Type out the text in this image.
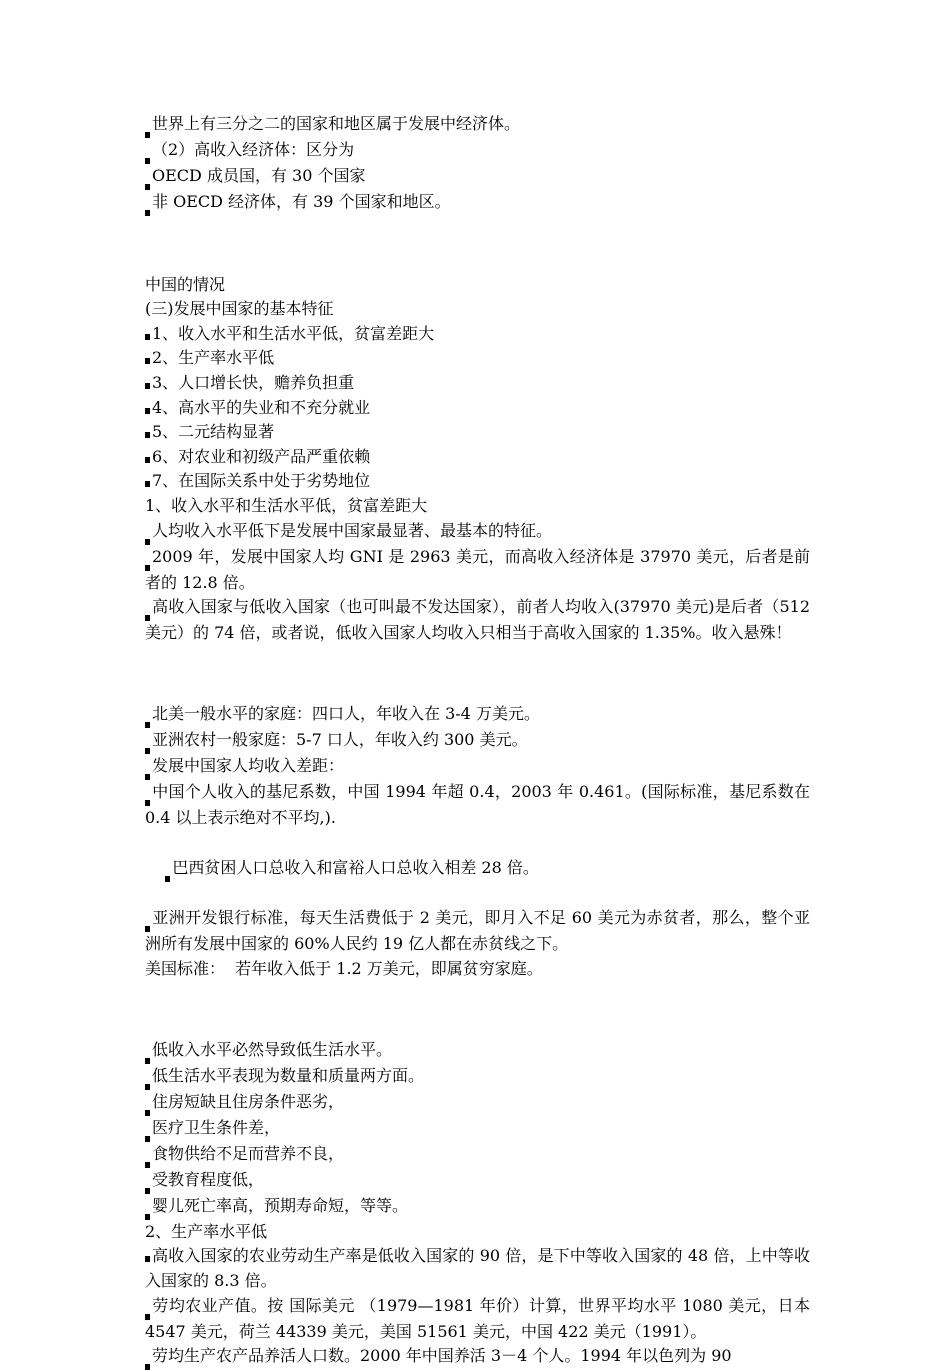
世界上有三分之二的国家和地区属于发展中经济体。

（2）高收入经济体：区分为

OECD 成员国，有 30 个国家

非 OECD 经济体，有 39 个国家和地区。

中国的情况

(三)发展中国家的基本特征

1、收入水平和生活水平低，贫富差距大

2、生产率水平低

3、人口增长快，赡养负担重

4、高水平的失业和不充分就业

5、二元结构显著

6、对农业和初级产品严重依赖

7、在国际关系中处于劣势地位

1、收入水平和生活水平低，贫富差距大

人均收入水平低下是发展中国家最显著、最基本的特征。

2009 年，发展中国家人均 GNI 是 2963 美元，而高收入经济体是 37970 美元，后者是前者的 12.8 倍。

高收入国家与低收入国家（也可叫最不发达国家），前者人均收入(37970 美元)是后者（512 美元）的 74 倍，或者说，低收入国家人均收入只相当于高收入国家的 1.35%。收入悬殊！

北美一般水平的家庭：四口人，年收入在 3-4 万美元。

亚洲农村一般家庭：5-7 口人，年收入约 300 美元。

发展中国家人均收入差距：

中国个人收入的基尼系数，中国 1994 年超 0.4，2003 年 0.461。(国际标准，基尼系数在 0.4 以上表示绝对不平均,).

巴西贫困人口总收入和富裕人口总收入相差 28 倍。

亚洲开发银行标准，每天生活费低于 2 美元，即月入不足 60 美元为赤贫者，那么，整个亚洲所有发展中国家的 60%人民约 19 亿人都在赤贫线之下。

美国标准：  若年收入低于 1.2 万美元，即属贫穷家庭。

低收入水平必然导致低生活水平。

低生活水平表现为数量和质量两方面。

住房短缺且住房条件恶劣，

医疗卫生条件差，

食物供给不足而营养不良，

受教育程度低，

婴儿死亡率高，预期寿命短，等等。

2、生产率水平低

高收入国家的农业劳动生产率是低收入国家的 90 倍，是下中等收入国家的 48 倍，上中等收入国家的 8.3 倍。

劳均农业产值。按 国际美元 （1979—1981 年价）计算，世界平均水平 1080 美元，日本 4547 美元，荷兰 44339 美元，美国 51561 美元，中国 422 美元（1991）。

劳均生产农产品养活人口数。2000 年中国养活 3－4 个人。1994 年以色列为 90
